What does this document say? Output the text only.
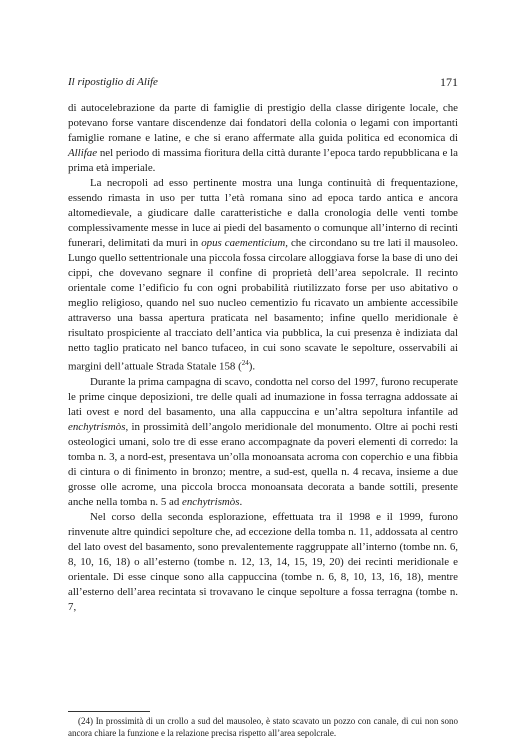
Il ripostiglio di Alife	171

di autocelebrazione da parte di famiglie di prestigio della classe dirigente locale, che potevano forse vantare discendenze dai fondatori della colonia o legami con importanti famiglie romane e latine, e che si erano affermate alla guida politica ed economica di Allifae nel periodo di massima fioritura della città durante l’epoca tardo repubblicana e la prima età imperiale.

La necropoli ad esso pertinente mostra una lunga continuità di frequentazione, essendo rimasta in uso per tutta l’età romana sino ad epoca tardo antica e ancora altomedievale, a giudicare dalle caratteristiche e dalla cronologia delle venti tombe complessivamente messe in luce ai piedi del basamento o comunque all’interno di recinti funerari, delimitati da muri in opus caementicium, che circondano su tre lati il mausoleo. Lungo quello settentrionale una piccola fossa circolare alloggiava forse la base di uno dei cippi, che dovevano segnare il confine di proprietà dell’area sepolcrale. Il recinto orientale come l’edificio fu con ogni probabilità riutilizzato forse per uso abitativo o meglio religioso, quando nel suo nucleo cementizio fu ricavato un ambiente accessibile attraverso una bassa apertura praticata nel basamento; infine quello meridionale è risultato prospiciente al tracciato dell’antica via pubblica, la cui presenza è indiziata dal netto taglio praticato nel banco tufaceo, in cui sono scavate le sepolture, osservabili ai margini dell’attuale Strada Statale 158 ($^{24}$).

Durante la prima campagna di scavo, condotta nel corso del 1997, furono recuperate le prime cinque deposizioni, tre delle quali ad inumazione in fossa terragna addossate ai lati ovest e nord del basamento, una alla cappuccina e un’altra sepoltura infantile ad enchytrismòs, in prossimità dell’angolo meridionale del monumento. Oltre ai pochi resti osteologici umani, solo tre di esse erano accompagnate da poveri elementi di corredo: la tomba n. 3, a nord-est, presentava un’olla monoansata acroma con coperchio e una fibbia di cintura o di finimento in bronzo; mentre, a sud-est, quella n. 4 recava, insieme a due grosse olle acrome, una piccola brocca monoansata decorata a bande sottili, presente anche nella tomba n. 5 ad enchytrismòs.

Nel corso della seconda esplorazione, effettuata tra il 1998 e il 1999, furono rinvenute altre quindici sepolture che, ad eccezione della tomba n. 11, addossata al centro del lato ovest del basamento, sono prevalentemente raggruppate all’interno (tombe nn. 6, 8, 10, 16, 18) o all’esterno (tombe n. 12, 13, 14, 15, 19, 20) dei recinti meridionale e orientale. Di esse cinque sono alla cappuccina (tombe n. 6, 8, 10, 13, 16, 18), mentre all’esterno dell’area recintata si trovavano le cinque sepolture a fossa terragna (tombe n. 7,

(24) In prossimità di un crollo a sud del mausoleo, è stato scavato un pozzo con canale, di cui non sono ancora chiare la funzione e la relazione precisa rispetto all’area sepolcrale.
